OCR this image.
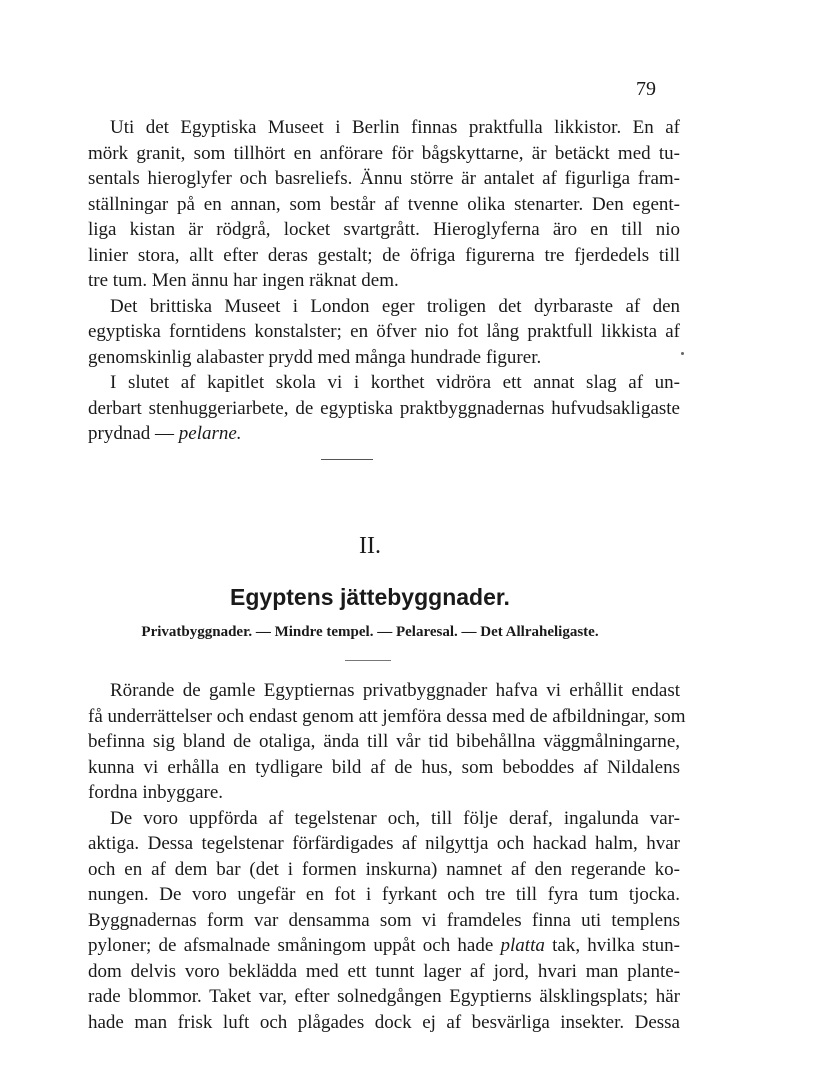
79
Uti det Egyptiska Museet i Berlin finnas praktfulla likkistor. En af
mörk granit, som tillhört en anförare för bågskyttarne, är betäckt med tu-
sentals hieroglyfer och basreliefs. Ännu större är antalet af figurliga fram-
ställningar på en annan, som består af tvenne olika stenarter. Den egent-
liga kistan är rödgrå, locket svartgrått. Hieroglyferna äro en till nio
linier stora, allt efter deras gestalt; de öfriga figurerna tre fjerdedels till
tre tum. Men ännu har ingen räknat dem.
Det brittiska Museet i London eger troligen det dyrbaraste af den
egyptiska forntidens konstalster; en öfver nio fot lång praktfull likkista af
genomskinlig alabaster prydd med många hundrade figurer.
I slutet af kapitlet skola vi i korthet vidröra ett annat slag af un-
derbart stenhuggeriarbete, de egyptiska praktbyggnadernas hufvudsakligaste
prydnad — pelarne.
II.
Egyptens jättebyggnader.
Privatbyggnader. — Mindre tempel. — Pelaresal. — Det Allraheligaste.
Rörande de gamle Egyptiernas privatbyggnader hafva vi erhållit endast
få underrättelser och endast genom att jemföra dessa med de afbildningar, som
befinna sig bland de otaliga, ända till vår tid bibehållna väggmålningarne,
kunna vi erhålla en tydligare bild af de hus, som beboddes af Nildalens
fordna inbyggare.
De voro uppförda af tegelstenar och, till följe deraf, ingalunda var-
aktiga. Dessa tegelstenar förfärdigades af nilgyttja och hackad halm, hvar
och en af dem bar (det i formen inskurna) namnet af den regerande ko-
nungen. De voro ungefär en fot i fyrkant och tre till fyra tum tjocka.
Byggnadernas form var densamma som vi framdeles finna uti templens
pyloner; de afsmalnade småningom uppåt och hade platta tak, hvilka stun-
dom delvis voro beklädda med ett tunnt lager af jord, hvari man plante-
rade blommor. Taket var, efter solnedgången Egyptierns älsklingsplats; här
hade man frisk luft och plågades dock ej af besvärliga insekter. Dessa
